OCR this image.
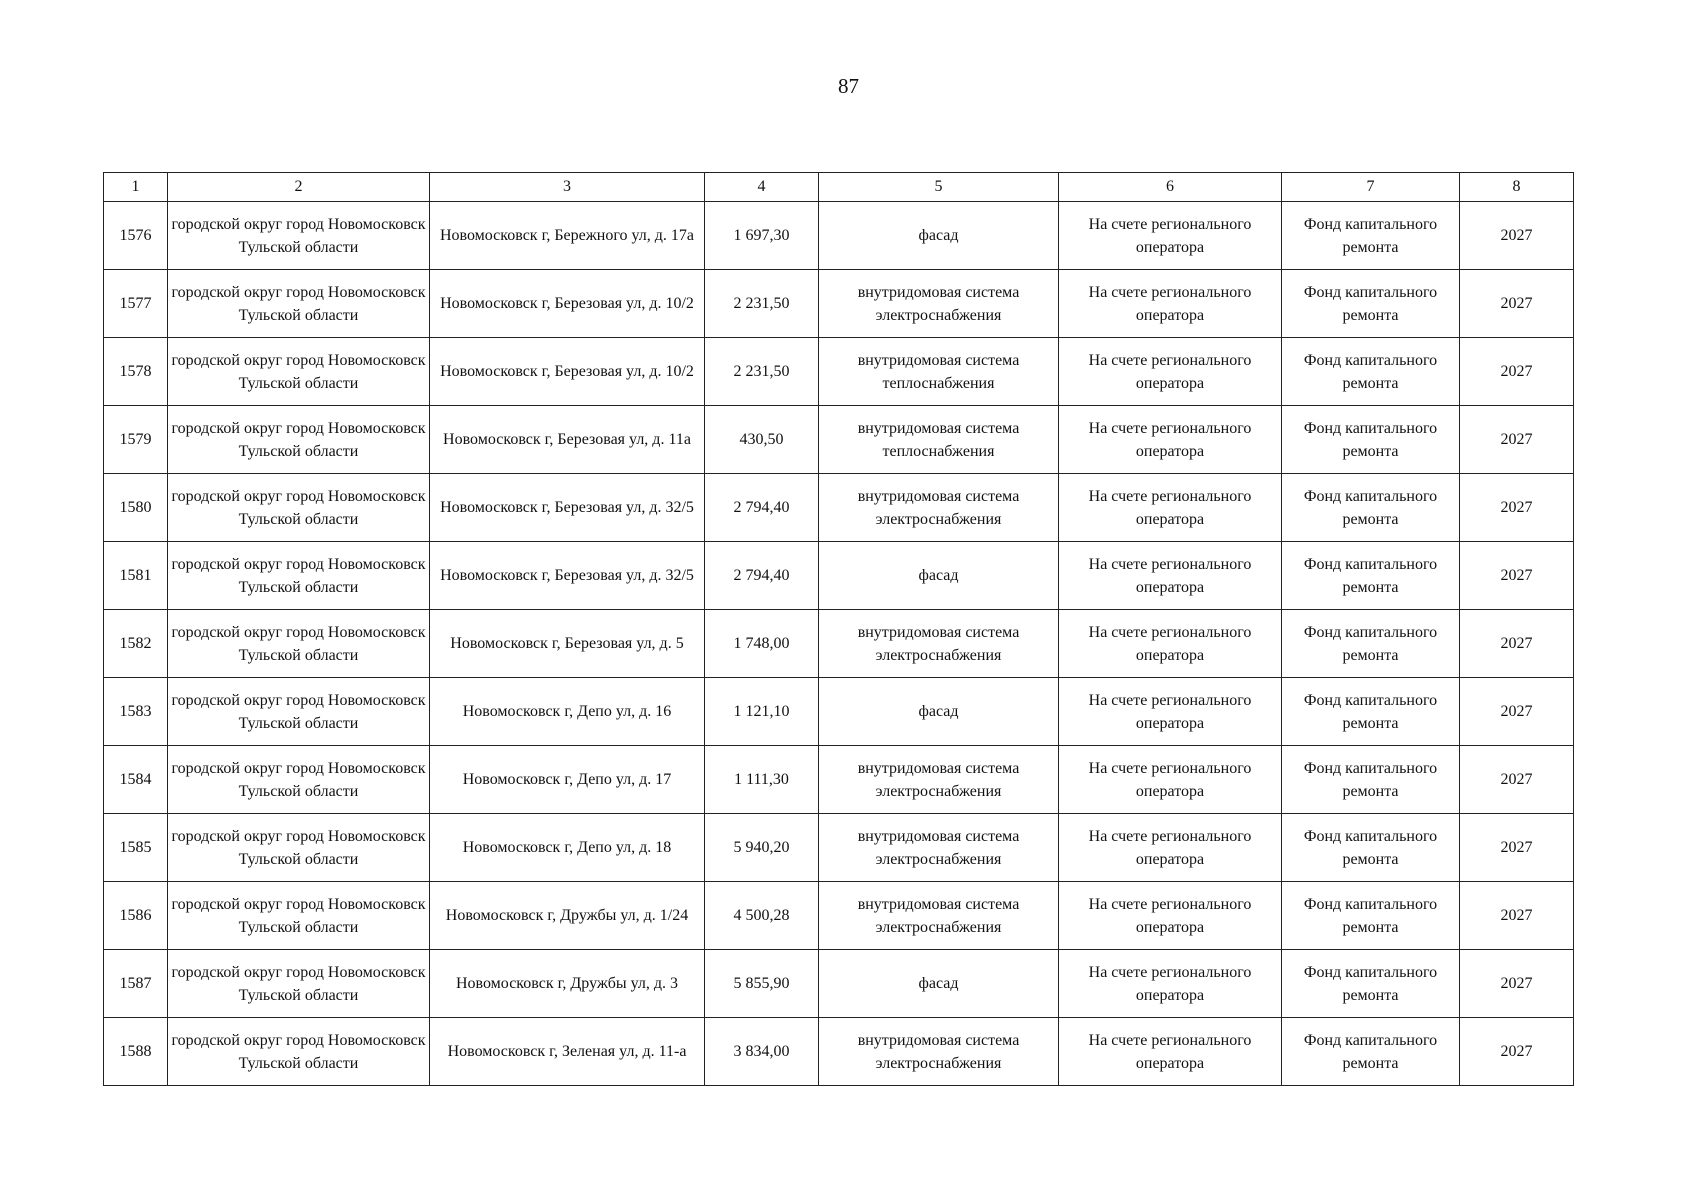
87
1	2	3	4	5	6	7	8
1576	городской округ город Новомосковск Тульской области	Новомосковск г, Бережного ул, д. 17а	1 697,30	фасад	На счете регионального оператора	Фонд капитального ремонта	2027
1577	городской округ город Новомосковск Тульской области	Новомосковск г, Березовая ул, д. 10/2	2 231,50	внутридомовая система электроснабжения	На счете регионального оператора	Фонд капитального ремонта	2027
1578	городской округ город Новомосковск Тульской области	Новомосковск г, Березовая ул, д. 10/2	2 231,50	внутридомовая система теплоснабжения	На счете регионального оператора	Фонд капитального ремонта	2027
1579	городской округ город Новомосковск Тульской области	Новомосковск г, Березовая ул, д. 11а	430,50	внутридомовая система теплоснабжения	На счете регионального оператора	Фонд капитального ремонта	2027
1580	городской округ город Новомосковск Тульской области	Новомосковск г, Березовая ул, д. 32/5	2 794,40	внутридомовая система электроснабжения	На счете регионального оператора	Фонд капитального ремонта	2027
1581	городской округ город Новомосковск Тульской области	Новомосковск г, Березовая ул, д. 32/5	2 794,40	фасад	На счете регионального оператора	Фонд капитального ремонта	2027
1582	городской округ город Новомосковск Тульской области	Новомосковск г, Березовая ул, д. 5	1 748,00	внутридомовая система электроснабжения	На счете регионального оператора	Фонд капитального ремонта	2027
1583	городской округ город Новомосковск Тульской области	Новомосковск г, Депо ул, д. 16	1 121,10	фасад	На счете регионального оператора	Фонд капитального ремонта	2027
1584	городской округ город Новомосковск Тульской области	Новомосковск г, Депо ул, д. 17	1 111,30	внутридомовая система электроснабжения	На счете регионального оператора	Фонд капитального ремонта	2027
1585	городской округ город Новомосковск Тульской области	Новомосковск г, Депо ул, д. 18	5 940,20	внутридомовая система электроснабжения	На счете регионального оператора	Фонд капитального ремонта	2027
1586	городской округ город Новомосковск Тульской области	Новомосковск г, Дружбы ул, д. 1/24	4 500,28	внутридомовая система электроснабжения	На счете регионального оператора	Фонд капитального ремонта	2027
1587	городской округ город Новомосковск Тульской области	Новомосковск г, Дружбы ул, д. 3	5 855,90	фасад	На счете регионального оператора	Фонд капитального ремонта	2027
1588	городской округ город Новомосковск Тульской области	Новомосковск г, Зеленая ул, д. 11-а	3 834,00	внутридомовая система электроснабжения	На счете регионального оператора	Фонд капитального ремонта	2027
